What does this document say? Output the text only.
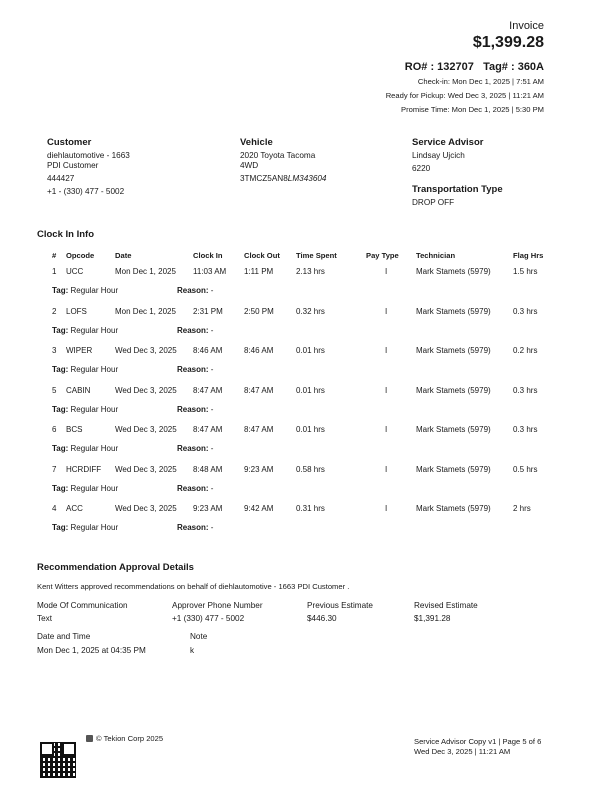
Invoice
$1,399.28
RO# : 132707 Tag# : 360A
Check-in: Mon Dec 1, 2025 | 7:51 AM
Ready for Pickup: Wed Dec 3, 2025 | 11:21 AM
Promise Time: Mon Dec 1, 2025 | 5:30 PM
Customer
diehlautomotive - 1663
PDI Customer
444427
+1 - (330) 477 - 5002
Vehicle
2020 Toyota Tacoma
4WD
3TMCZ5AN8LM343604
Service Advisor
Lindsay Ujcich
6220
Transportation Type
DROP OFF
Clock In Info
# Opcode	Date	Clock In	Clock Out Time Spent	Pay Type Technician	Flag Hrs
1 UCC	Mon Dec 1, 2025 11:03 AM 1:11 PM	2.13 hrs	I	Mark Stamets (5979)	1.5 hrs
Tag: Regular Hour	Reason: -
2 LOFS	Mon Dec 1, 2025 2:31 PM	2:50 PM	0.32 hrs	I	Mark Stamets (5979)	0.3 hrs
Tag: Regular Hour	Reason: -
3 WIPER	Wed Dec 3, 2025 8:46 AM	8:46 AM	0.01 hrs	I	Mark Stamets (5979)	0.2 hrs
Tag: Regular Hour	Reason: -
5 CABIN	Wed Dec 3, 2025 8:47 AM	8:47 AM	0.01 hrs	I	Mark Stamets (5979)	0.3 hrs
Tag: Regular Hour	Reason: -
6 BCS	Wed Dec 3, 2025 8:47 AM	8:47 AM	0.01 hrs	I	Mark Stamets (5979)	0.3 hrs
Tag: Regular Hour	Reason: -
7 HCRDIFF Wed Dec 3, 2025 8:48 AM	9:23 AM	0.58 hrs	I	Mark Stamets (5979)	0.5 hrs
Tag: Regular Hour	Reason: -
4 ACC	Wed Dec 3, 2025 9:23 AM	9:42 AM	0.31 hrs	I	Mark Stamets (5979)	2 hrs
Tag: Regular Hour	Reason: -
Recommendation Approval Details
Kent Witters approved recommendations on behalf of diehlautomotive - 1663 PDI Customer .
Mode Of Communication
Text
Approver Phone Number
+1 (330) 477 - 5002
Previous Estimate
$446.30
Revised Estimate
$1,391.28
Date and Time
Mon Dec 1, 2025 at 04:35 PM
Note
k
© Tekion Corp 2025	Service Advisor Copy v1 | Page 5 of 6
Wed Dec 3, 2025 | 11:21 AM
